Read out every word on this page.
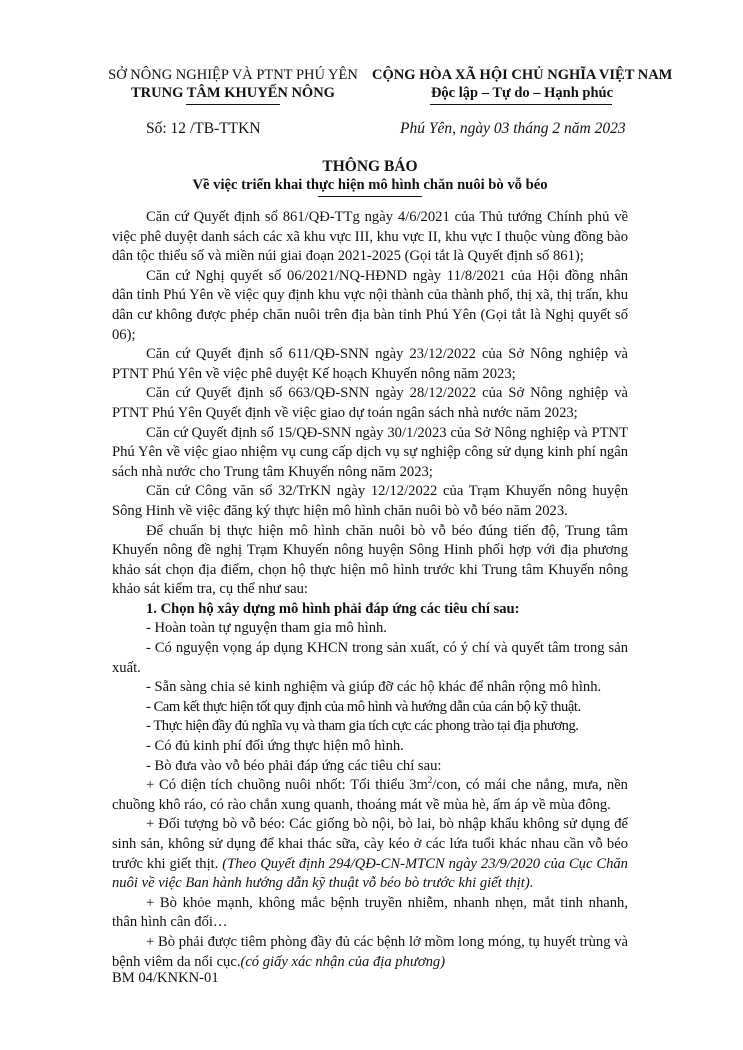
SỞ NÔNG NGHIỆP VÀ PTNT PHÚ YÊN
TRUNG TÂM KHUYẾN NÔNG
CỘNG HÒA XÃ HỘI CHỦ NGHĨA VIỆT NAM
Độc lập – Tự do – Hạnh phúc
Số: 12 /TB-TTKN	Phú Yên, ngày 03 tháng 2 năm 2023
THÔNG BÁO
Về việc triển khai thực hiện mô hình chăn nuôi bò vỗ béo

Căn cứ Quyết định số 861/QĐ-TTg ngày 4/6/2021 của Thủ tướng Chính phủ về việc phê duyệt danh sách các xã khu vực III, khu vực II, khu vực I thuộc vùng đồng bào dân tộc thiểu số và miền núi giai đoạn 2021-2025 (Gọi tắt là Quyết định số 861);

Căn cứ Nghị quyết số 06/2021/NQ-HĐND ngày 11/8/2021 của Hội đồng nhân dân tỉnh Phú Yên về việc quy định khu vực nội thành của thành phố, thị xã, thị trấn, khu dân cư không được phép chăn nuôi trên địa bàn tỉnh Phú Yên (Gọi tắt là Nghị quyết số 06);

Căn cứ Quyết định số 611/QĐ-SNN ngày 23/12/2022 của Sở Nông nghiệp và PTNT Phú Yên về việc phê duyệt Kế hoạch Khuyến nông năm 2023;

Căn cứ Quyết định số 663/QĐ-SNN ngày 28/12/2022 của Sở Nông nghiệp và PTNT Phú Yên Quyết định về việc giao dự toán ngân sách nhà nước năm 2023;

Căn cứ Quyết định số 15/QĐ-SNN ngày 30/1/2023 của Sở Nông nghiệp và PTNT Phú Yên về việc giao nhiệm vụ cung cấp dịch vụ sự nghiệp công sử dụng kinh phí ngân sách nhà nước cho Trung tâm Khuyến nông năm 2023;

Căn cứ Công văn số 32/TrKN ngày 12/12/2022 của Trạm Khuyến nông huyện Sông Hinh về việc đăng ký thực hiện mô hình chăn nuôi bò vỗ béo năm 2023.

Để chuẩn bị thực hiện mô hình chăn nuôi bò vỗ béo đúng tiến độ, Trung tâm Khuyến nông đề nghị Trạm Khuyến nông huyện Sông Hinh phối hợp với địa phương khảo sát chọn địa điểm, chọn hộ thực hiện mô hình trước khi Trung tâm Khuyến nông khảo sát kiểm tra, cụ thể như sau:

1. Chọn hộ xây dựng mô hình phải đáp ứng các tiêu chí sau:

- Hoàn toàn tự nguyện tham gia mô hình.

- Có nguyện vọng áp dụng KHCN trong sản xuất, có ý chí và quyết tâm trong sản xuất.

- Sẵn sàng chia sẻ kinh nghiệm và giúp đỡ các hộ khác để nhân rộng mô hình.

- Cam kết thực hiện tốt quy định của mô hình và hướng dẫn của cán bộ kỹ thuật.

- Thực hiện đầy đủ nghĩa vụ và tham gia tích cực các phong trào tại địa phương.

- Có đủ kinh phí đối ứng thực hiện mô hình.

- Bò đưa vào vỗ béo phải đáp ứng các tiêu chí sau:

+ Có diện tích chuồng nuôi nhốt: Tối thiểu $3m^2$/con, có mái che nắng, mưa, nền chuồng khô ráo, có rào chắn xung quanh, thoáng mát về mùa hè, ấm áp về mùa đông.

+ Đối tượng bò vỗ béo: Các giống bò nội, bò lai, bò nhập khẩu không sử dụng để sinh sản, không sử dụng để khai thác sữa, cày kéo ở các lứa tuổi khác nhau cần vỗ béo trước khi giết thịt. (Theo Quyết định 294/QĐ-CN-MTCN ngày 23/9/2020 của Cục Chăn nuôi về việc Ban hành hướng dẫn kỹ thuật vỗ béo bò trước khi giết thịt).

+ Bò khỏe mạnh, không mắc bệnh truyền nhiễm, nhanh nhẹn, mắt tinh nhanh, thân hình cân đối…

+ Bò phải được tiêm phòng đầy đủ các bệnh lở mồm long móng, tụ huyết trùng và bệnh viêm da nổi cục.(có giấy xác nhận của địa phương)

BM 04/KNKN-01
